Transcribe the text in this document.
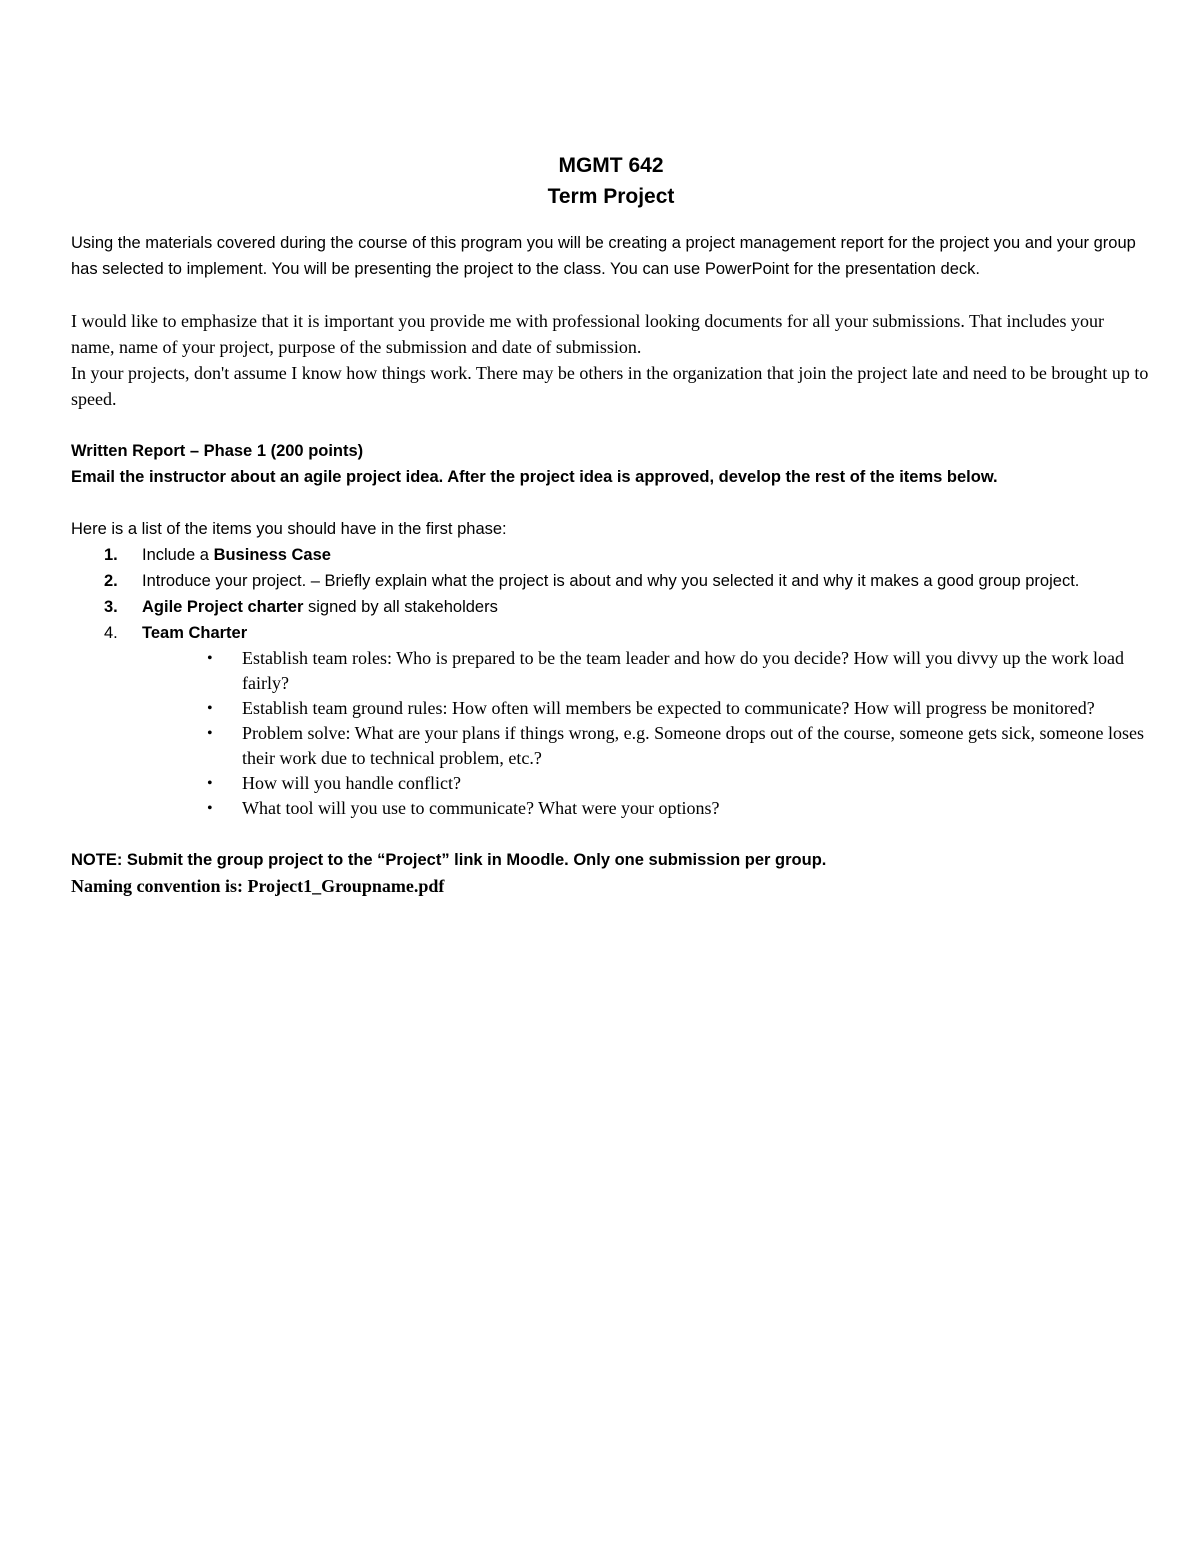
MGMT 642
Term Project

Using the materials covered during the course of this program you will be creating a project management report for the project you and your group has selected to implement. You will be presenting the project to the class. You can use PowerPoint for the presentation deck.

I would like to emphasize that it is important you provide me with professional looking documents for all your submissions. That includes your name, name of your project, purpose of the submission and date of submission.

In your projects, don't assume I know how things work. There may be others in the organization that join the project late and need to be brought up to speed.

Written Report – Phase 1 (200 points)

Email the instructor about an agile project idea. After the project idea is approved, develop the rest of the items below.

Here is a list of the items you should have in the first phase:

1. Include a Business Case
2. Introduce your project. – Briefly explain what the project is about and why you selected it and why it makes a good group project.
3. Agile Project charter signed by all stakeholders
4. Team Charter
• Establish team roles: Who is prepared to be the team leader and how do you decide? How will you divvy up the work load fairly?
• Establish team ground rules: How often will members be expected to communicate? How will progress be monitored?
• Problem solve: What are your plans if things wrong, e.g. Someone drops out of the course, someone gets sick, someone loses their work due to technical problem, etc.?
• How will you handle conflict?
• What tool will you use to communicate? What were your options?

NOTE: Submit the group project to the “Project” link in Moodle. Only one submission per group.

Naming convention is: Project1_Groupname.pdf
